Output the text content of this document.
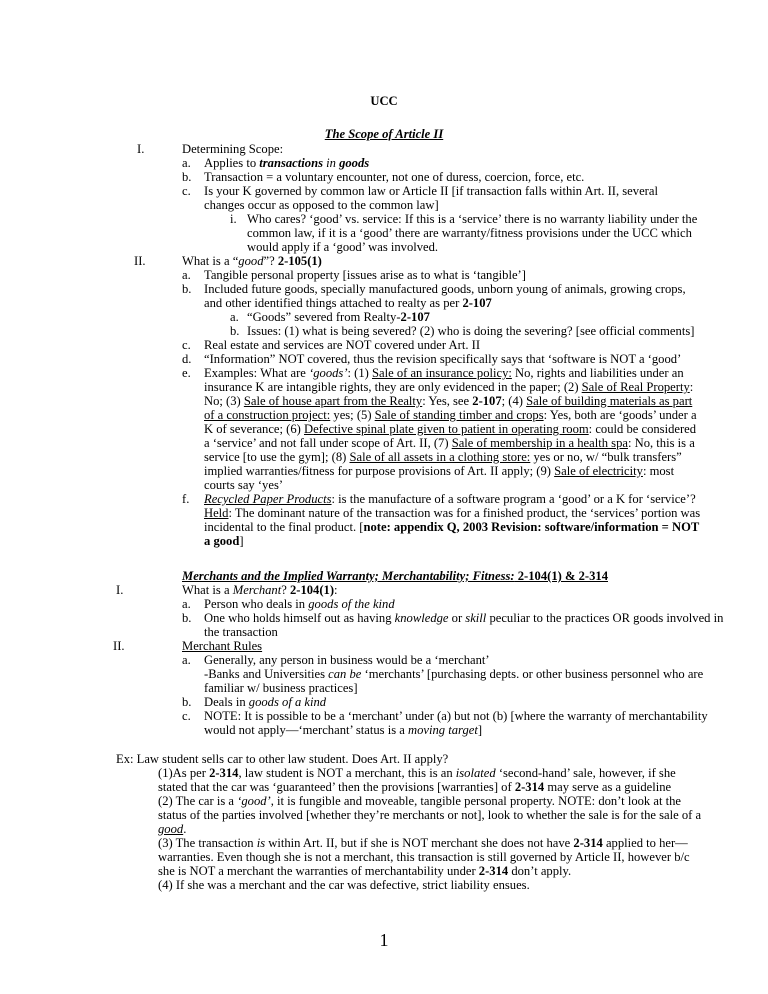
UCC
The Scope of Article II
I.	Determining Scope:
a. Applies to transactions in goods
b. Transaction = a voluntary encounter, not one of duress, coercion, force, etc.
c. Is your K governed by common law or Article II [if transaction falls within Art. II, several
changes occur as opposed to the common law]
i. Who cares? ‘good’ vs. service: If this is a ‘service’ there is no warranty liability under the
common law, if it is a ‘good’ there are warranty/fitness provisions under the UCC which
would apply if a ‘good’ was involved.
II.	What is a “good”? 2-105(1)
a. Tangible personal property [issues arise as to what is ‘tangible’]
b. Included future goods, specially manufactured goods, unborn young of animals, growing crops,
and other identified things attached to realty as per 2-107
a. “Goods” severed from Realty-2-107
b. Issues: (1) what is being severed? (2) who is doing the severing? [see official comments]
c. Real estate and services are NOT covered under Art. II
d. “Information” NOT covered, thus the revision specifically says that ‘software is NOT a ‘good’
e. Examples: What are ‘goods’: (1) Sale of an insurance policy: No, rights and liabilities under an
insurance K are intangible rights, they are only evidenced in the paper; (2) Sale of Real Property:
No; (3) Sale of house apart from the Realty: Yes, see 2-107; (4) Sale of building materials as part
of a construction project: yes; (5) Sale of standing timber and crops: Yes, both are ‘goods’ under a
K of severance; (6) Defective spinal plate given to patient in operating room: could be considered
a ‘service’ and not fall under scope of Art. II, (7) Sale of membership in a health spa: No, this is a
service [to use the gym]; (8) Sale of all assets in a clothing store: yes or no, w/ “bulk transfers”
implied warranties/fitness for purpose provisions of Art. II apply; (9) Sale of electricity: most
courts say ‘yes’
f. Recycled Paper Products: is the manufacture of a software program a ‘good’ or a K for ‘service’?
Held: The dominant nature of the transaction was for a finished product, the ‘services’ portion was
incidental to the final product. [note: appendix Q, 2003 Revision: software/information = NOT
a good]
Merchants and the Implied Warranty; Merchantability; Fitness: 2-104(1) & 2-314
I.	What is a Merchant? 2-104(1):
a. Person who deals in goods of the kind
b. One who holds himself out as having knowledge or skill peculiar to the practices OR goods involved in
the transaction
II.	Merchant Rules
a. Generally, any person in business would be a ‘merchant’
-Banks and Universities can be ‘merchants’ [purchasing depts. or other business personnel who are
familiar w/ business practices]
b. Deals in goods of a kind
c. NOTE: It is possible to be a ‘merchant’ under (a) but not (b) [where the warranty of merchantability
would not apply—‘merchant’ status is a moving target]
Ex: Law student sells car to other law student. Does Art. II apply?
(1)As per 2-314, law student is NOT a merchant, this is an isolated ‘second-hand’ sale, however, if she
stated that the car was ‘guaranteed’ then the provisions [warranties] of 2-314 may serve as a guideline
(2) The car is a ‘good’, it is fungible and moveable, tangible personal property. NOTE: don’t look at the
status of the parties involved [whether they’re merchants or not], look to whether the sale is for the sale of a
good.
(3) The transaction is within Art. II, but if she is NOT merchant she does not have 2-314 applied to her—
warranties. Even though she is not a merchant, this transaction is still governed by Article II, however b/c
she is NOT a merchant the warranties of merchantability under 2-314 don’t apply.
(4) If she was a merchant and the car was defective, strict liability ensues.
1
